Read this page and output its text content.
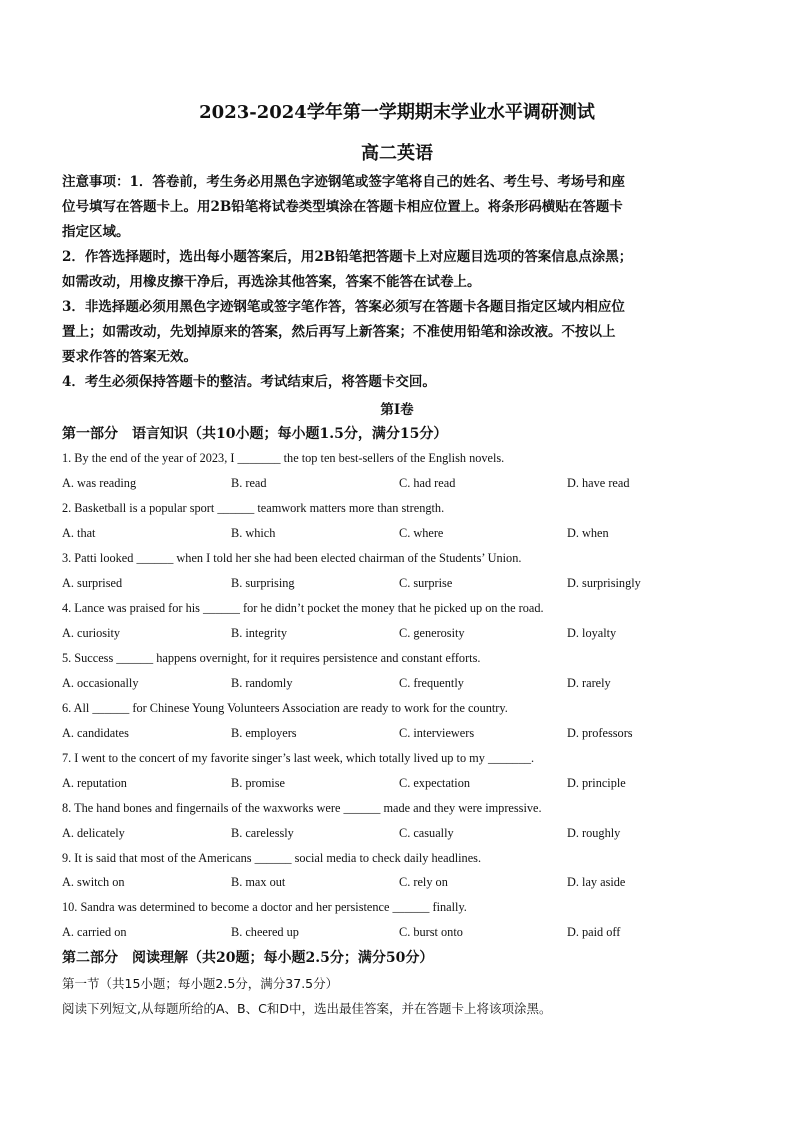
2023-2024学年第一学期期末学业水平调研测试
高二英语
注意事项：1．答卷前，考生务必用黑色字迹钢笔或签字笔将自己的姓名、考生号、考场号和座
位号填写在答题卡上。用2B铅笔将试卷类型填涂在答题卡相应位置上。将条形码横贴在答题卡
指定区域。
2．作答选择题时，选出每小题答案后，用2B铅笔把答题卡上对应题目选项的答案信息点涂黑；
如需改动，用橡皮擦干净后，再选涂其他答案，答案不能答在试卷上。
3．非选择题必须用黑色字迹钢笔或签字笔作答，答案必须写在答题卡各题目指定区域内相应位
置上；如需改动，先划掉原来的答案，然后再写上新答案；不准使用铅笔和涂改液。不按以上
要求作答的答案无效。
4．考生必须保持答题卡的整洁。考试结束后，将答题卡交回。
第Ⅰ卷
第一部分　语言知识（共10小题；每小题1.5分，满分15分）
1. By the end of the year of 2023, I _______ the top ten best-sellers of the English novels.
A. was reading	B. read	C. had read	D. have read
2. Basketball is a popular sport ______ teamwork matters more than strength.
A. that	B. which	C. where	D. when
3. Patti looked ______ when I told her she had been elected chairman of the Students’ Union.
A. surprised	B. surprising	C. surprise	D. surprisingly
4. Lance was praised for his ______ for he didn’t pocket the money that he picked up on the road.
A. curiosity	B. integrity	C. generosity	D. loyalty
5. Success ______ happens overnight, for it requires persistence and constant efforts.
A. occasionally	B. randomly	C. frequently	D. rarely
6. All ______ for Chinese Young Volunteers Association are ready to work for the country.
A. candidates	B. employers	C. interviewers	D. professors
7. I went to the concert of my favorite singer’s last week, which totally lived up to my _______.
A. reputation	B. promise	C. expectation	D. principle
8. The hand bones and fingernails of the waxworks were ______ made and they were impressive.
A. delicately	B. carelessly	C. casually	D. roughly
9. It is said that most of the Americans ______ social media to check daily headlines.
A. switch on	B. max out	C. rely on	D. lay aside
10. Sandra was determined to become a doctor and her persistence ______ finally.
A. carried on	B. cheered up	C. burst onto	D. paid off
第二部分　阅读理解（共20题；每小题2.5分；满分50分）
第一节（共15小题；每小题2.5分，满分37.5分）
阅读下列短文,从每题所给的A、B、C和D中，选出最佳答案，并在答题卡上将该项涂黑。
